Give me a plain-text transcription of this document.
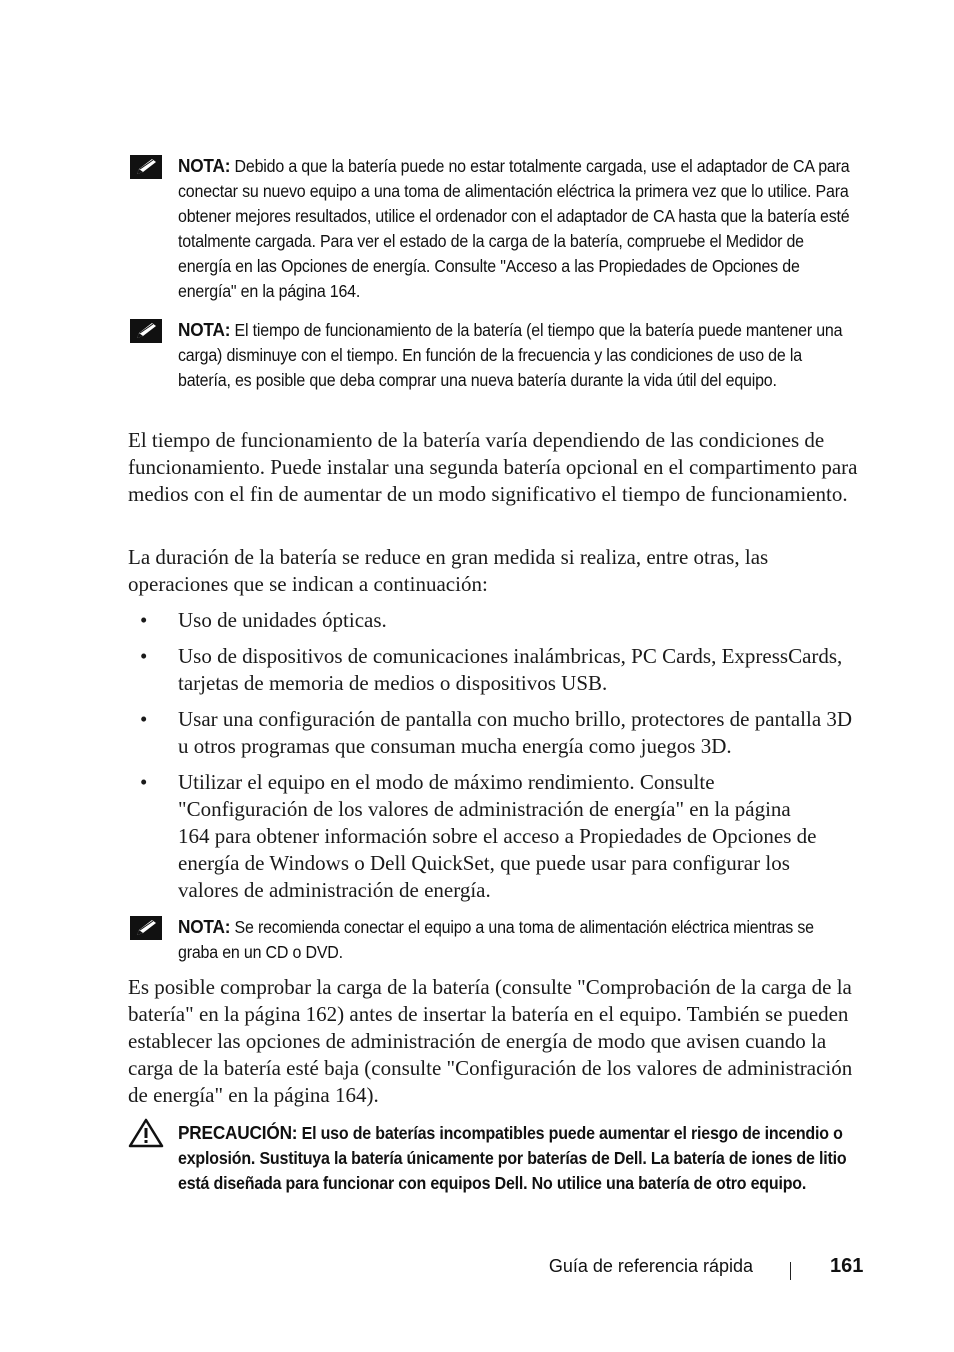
NOTA: Debido a que la batería puede no estar totalmente cargada, use el adaptador de CA para conectar su nuevo equipo a una toma de alimentación eléctrica la primera vez que lo utilice. Para obtener mejores resultados, utilice el ordenador con el adaptador de CA hasta que la batería esté totalmente cargada. Para ver el estado de la carga de la batería, compruebe el Medidor de energía en las Opciones de energía. Consulte "Acceso a las Propiedades de Opciones de energía" en la página 164.
NOTA: El tiempo de funcionamiento de la batería (el tiempo que la batería puede mantener una carga) disminuye con el tiempo. En función de la frecuencia y las condiciones de uso de la batería, es posible que deba comprar una nueva batería durante la vida útil del equipo.
El tiempo de funcionamiento de la batería varía dependiendo de las condiciones de funcionamiento. Puede instalar una segunda batería opcional en el compartimento para medios con el fin de aumentar de un modo significativo el tiempo de funcionamiento.
La duración de la batería se reduce en gran medida si realiza, entre otras, las operaciones que se indican a continuación:
• Uso de unidades ópticas.
• Uso de dispositivos de comunicaciones inalámbricas, PC Cards, ExpressCards, tarjetas de memoria de medios o dispositivos USB.
• Usar una configuración de pantalla con mucho brillo, protectores de pantalla 3D u otros programas que consuman mucha energía como juegos 3D.
• Utilizar el equipo en el modo de máximo rendimiento. Consulte "Configuración de los valores de administración de energía" en la página 164 para obtener información sobre el acceso a Propiedades de Opciones de energía de Windows o Dell QuickSet, que puede usar para configurar los valores de administración de energía.
NOTA: Se recomienda conectar el equipo a una toma de alimentación eléctrica mientras se graba en un CD o DVD.
Es posible comprobar la carga de la batería (consulte "Comprobación de la carga de la batería" en la página 162) antes de insertar la batería en el equipo. También se pueden establecer las opciones de administración de energía de modo que avisen cuando la carga de la batería esté baja (consulte "Configuración de los valores de administración de energía" en la página 164).
PRECAUCIÓN: El uso de baterías incompatibles puede aumentar el riesgo de incendio o explosión. Sustituya la batería únicamente por baterías de Dell. La batería de iones de litio está diseñada para funcionar con equipos Dell. No utilice una batería de otro equipo.
Guía de referencia rápida	161
